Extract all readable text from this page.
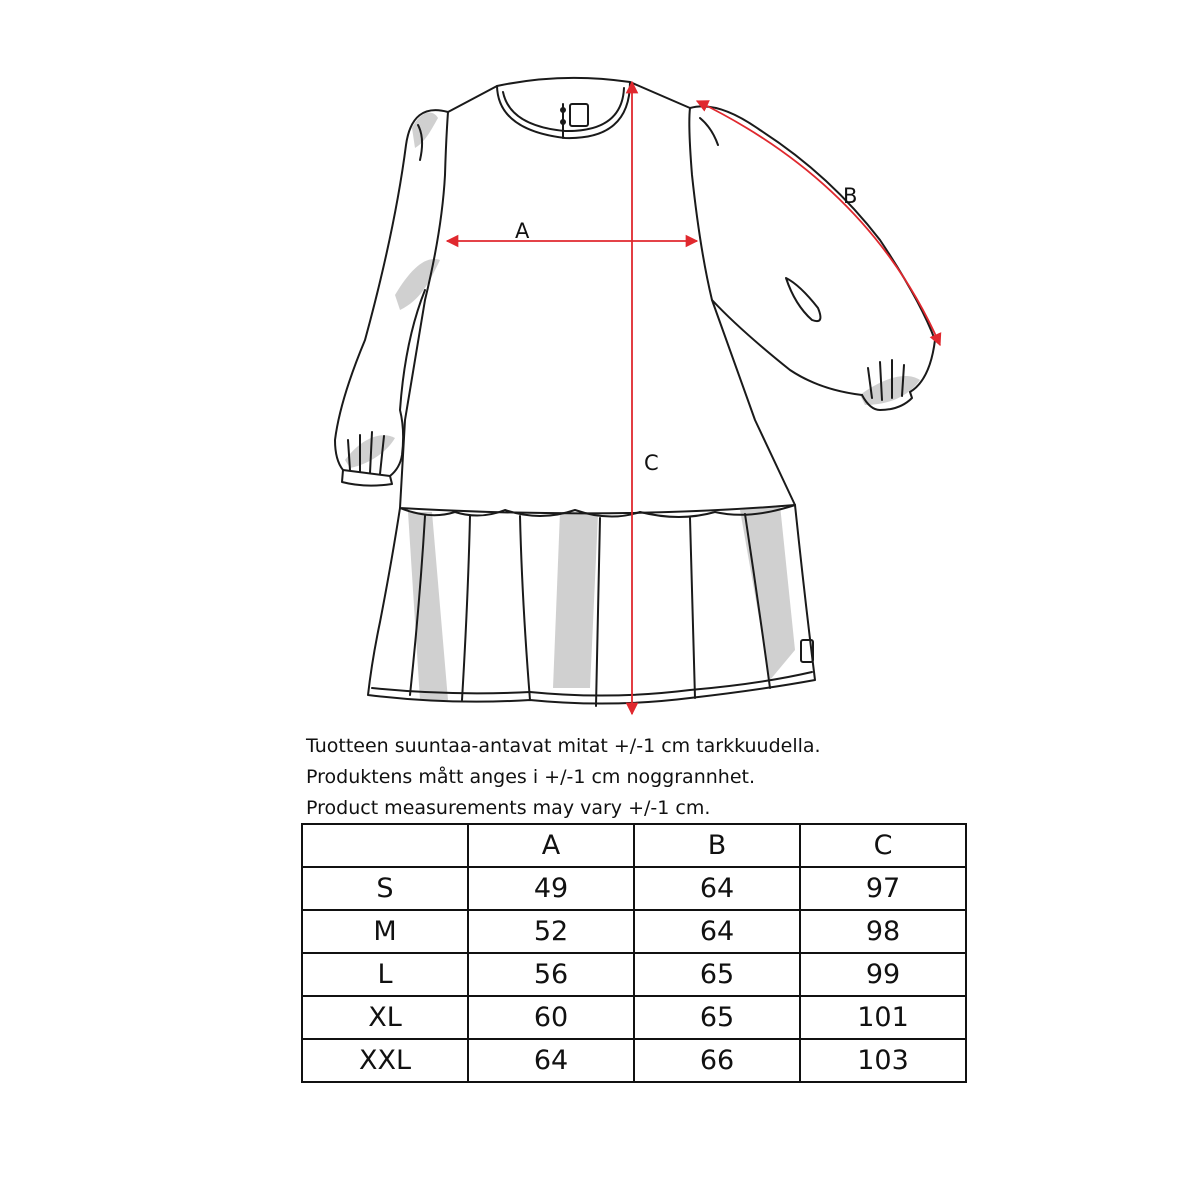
A
B
C
Tuotteen suuntaa-antavat mitat +/-1 cm tarkkuudella.
Produktens mått anges i +/-1 cm noggrannhet.
Product measurements may vary +/-1 cm.
	A	B	C
S	49	64	97
M	52	64	98
L	56	65	99
XL	60	65	101
XXL	64	66	103
